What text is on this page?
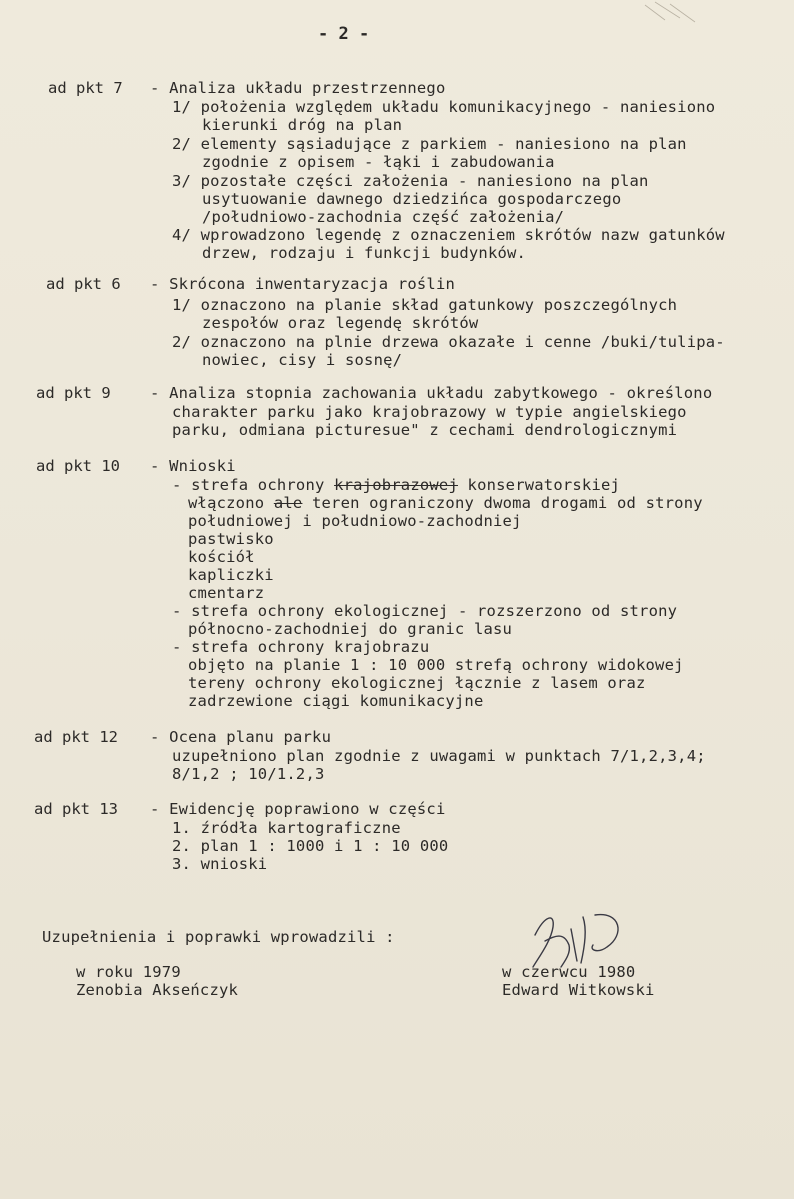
- 2 -
ad pkt 7 - Analiza układu przestrzennego
1/ położenia względem układu komunikacyjnego - naniesiono
kierunki dróg na plan
2/ elementy sąsiadujące z parkiem - naniesiono na plan
zgodnie z opisem - łąki i zabudowania
3/ pozostałe części założenia - naniesiono na plan
usytuowanie dawnego dziedzińca gospodarczego
/południowo-zachodnia część założenia/
4/ wprowadzono legendę z oznaczeniem skrótów nazw gatunków
drzew, rodzaju i funkcji budynków.
ad pkt 6 - Skrócona inwentaryzacja roślin
1/ oznaczono na planie skład gatunkowy poszczególnych
zespołów oraz legendę skrótów
2/ oznaczono na plnie drzewa okazałe i cenne /buki/tulipa-
nowiec, cisy i sosnę/
ad pkt 9	- Analiza stopnia zachowania układu zabytkowego - określono
charakter parku jako krajobrazowy w typie angielskiego
parku, odmiana picturesue" z cechami dendrologicznymi
ad pkt 10 - Wnioski
- strefa ochrony krajobrazowej konserwatorskiej
włączono ale teren ograniczony dwoma drogami od strony
południowej i południowo-zachodniej
pastwisko
kościół
kapliczki
cmentarz
- strefa ochrony ekologicznej - rozszerzono od strony
północno-zachodniej do granic lasu
- strefa ochrony krajobrazu
objęto na planie 1 : 10 000 strefą ochrony widokowej
tereny ochrony ekologicznej łącznie z lasem oraz
zadrzewione ciągi komunikacyjne
ad pkt 12 - Ocena planu parku
uzupełniono plan zgodnie z uwagami w punktach 7/1,2,3,4;
8/1,2 ; 10/1.2,3
ad pkt 13 - Ewidencję poprawiono w części
1. źródła kartograficzne
2. plan 1 : 1000 i 1 : 10 000
3. wnioski
Uzupełnienia i poprawki wprowadzili :
w roku 1979
Zenobia Akseńczyk
w czerwcu 1980
Edward Witkowski
